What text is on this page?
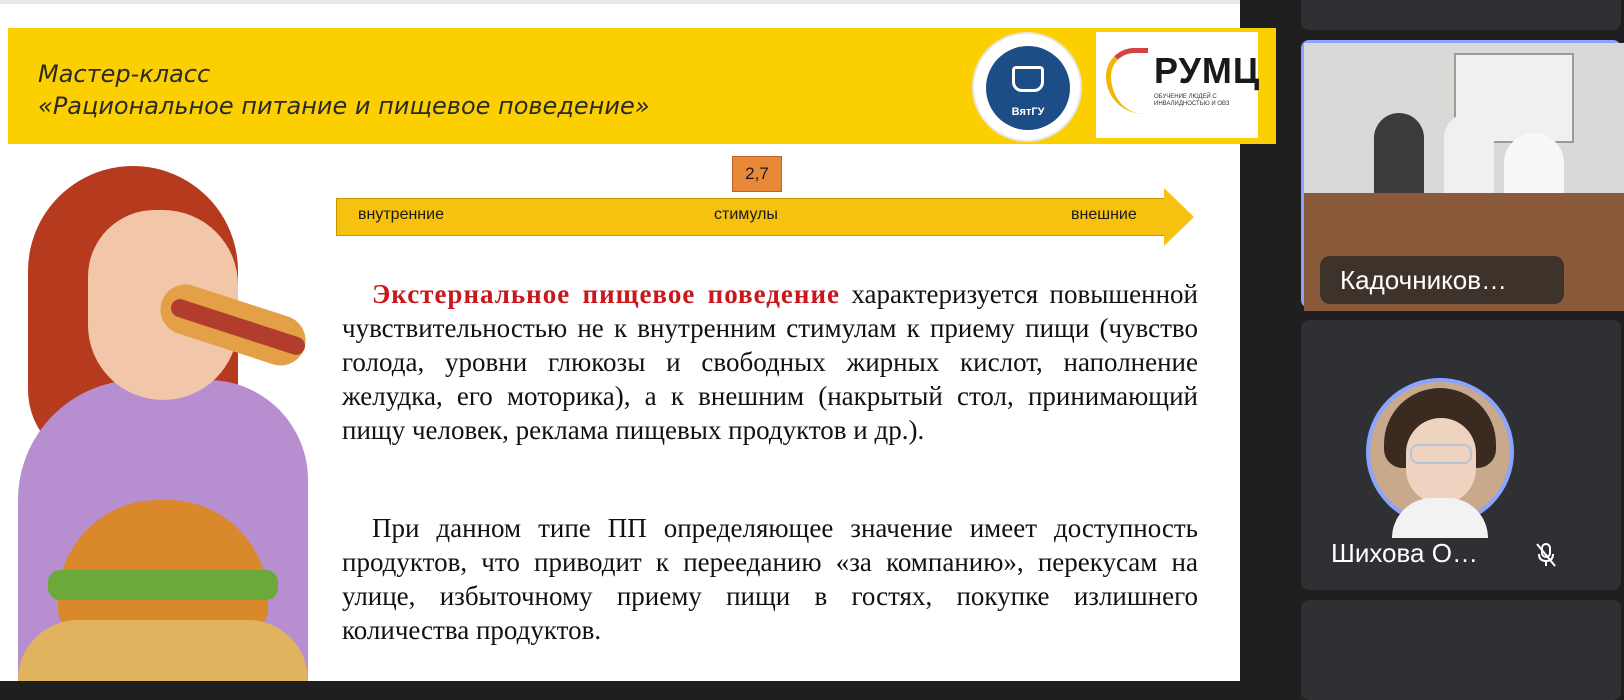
Мастер-класс
«Рациональное питание и пищевое поведение»	ВятГУ
РУМЦ
ОБУЧЕНИЕ ЛЮДЕЙ С ИНВАЛИДНОСТЬЮ И ОВЗ
2,7
внутренние	стимулы	внешние
Экстернальное пищевое поведение характеризуется повышенной чувствительностью не к внутренним стимулам к приему пищи (чувство голода, уровни глюкозы и свободных жирных кислот, наполнение желудка, его моторика), а к внешним (накрытый стол, принимающий пищу человек, реклама пищевых продуктов и др.).
При данном типе ПП определяющее значение имеет доступность продуктов, что приводит к перееданию «за компанию», перекусам на улице, избыточному приему пищи в гостях, покупке излишнего количества продуктов.
Кадочников…
Шихова О…
